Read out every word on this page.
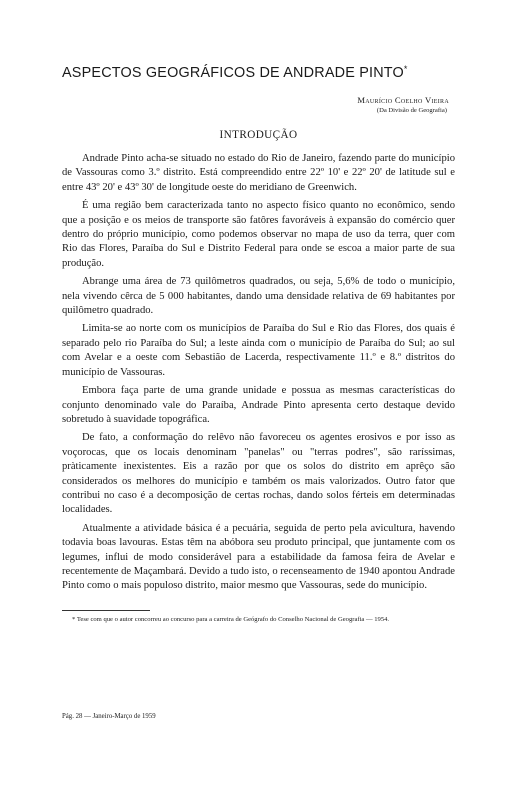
ASPECTOS GEOGRÁFICOS DE ANDRADE PINTO*
Maurício Coelho Vieira
(Da Divisão de Geografia)
INTRODUÇÃO

Andrade Pinto acha-se situado no estado do Rio de Janeiro, fazendo parte do município de Vassouras como 3.º distrito. Está compreendido entre 22º 10' e 22º 20' de latitude sul e entre 43º 20' e 43º 30' de longitude oeste do meridiano de Greenwich.

É uma região bem caracterizada tanto no aspecto físico quanto no econômico, sendo que a posição e os meios de transporte são fatôres favoráveis à expansão do comércio quer dentro do próprio município, como podemos observar no mapa de uso da terra, quer com Rio das Flores, Paraíba do Sul e Distrito Federal para onde se escoa a maior parte de sua produção.

Abrange uma área de 73 quilômetros quadrados, ou seja, 5,6% de todo o município, nela vivendo cêrca de 5 000 habitantes, dando uma densidade relativa de 69 habitantes por quilômetro quadrado.

Limita-se ao norte com os municípios de Paraíba do Sul e Rio das Flores, dos quais é separado pelo rio Paraíba do Sul; a leste ainda com o município de Paraíba do Sul; ao sul com Avelar e a oeste com Sebastião de Lacerda, respectivamente 11.º e 8.º distritos do município de Vassouras.

Embora faça parte de uma grande unidade e possua as mesmas características do conjunto denominado vale do Paraíba, Andrade Pinto apresenta certo destaque devido sobretudo à suavidade topográfica.

De fato, a conformação do relêvo não favoreceu os agentes erosivos e por isso as voçorocas, que os locais denominam "panelas" ou "terras podres", são raríssimas, pràticamente inexistentes. Eis a razão por que os solos do distrito em aprêço são considerados os melhores do município e também os mais valorizados. Outro fator que contribui no caso é a decomposição de certas rochas, dando solos férteis em determinadas localidades.

Atualmente a atividade básica é a pecuária, seguida de perto pela avicultura, havendo todavia boas lavouras. Estas têm na abóbora seu produto principal, que juntamente com os legumes, influi de modo considerável para a estabilidade da famosa feira de Avelar e recentemente de Maçambará. Devido a tudo isto, o recenseamento de 1940 apontou Andrade Pinto como o mais populoso distrito, maior mesmo que Vassouras, sede do município.

* Tese com que o autor concorreu ao concurso para a carreira de Geógrafo do Conselho Nacional de Geografia — 1954.

Pág. 28 — Janeiro-Março de 1959
